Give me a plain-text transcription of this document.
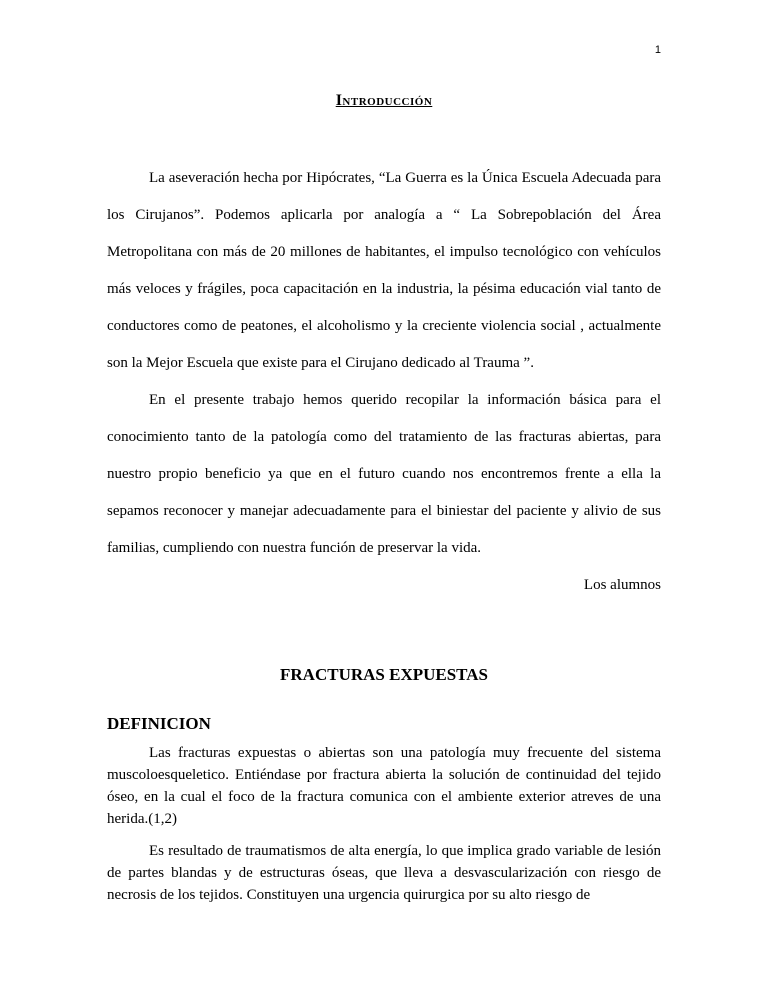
1
Introducción

La aseveración hecha por Hipócrates, “La Guerra es la Única Escuela Adecuada para los Cirujanos”. Podemos aplicarla por analogía a “ La Sobrepoblación del Área Metropolitana con más de 20 millones de habitantes, el impulso tecnológico con vehículos más veloces y frágiles, poca capacitación en la industria, la pésima educación vial tanto de conductores como de peatones, el alcoholismo y la creciente violencia social , actualmente son la Mejor Escuela que existe para el Cirujano dedicado al Trauma ”.

En el presente trabajo hemos querido recopilar la información básica para el conocimiento tanto de la patología como del tratamiento de las fracturas abiertas, para nuestro propio beneficio ya que en el futuro cuando nos encontremos frente a ella la sepamos reconocer y manejar adecuadamente para el biniestar del paciente y alivio de sus familias, cumpliendo con nuestra función de preservar la vida.

Los alumnos

FRACTURAS EXPUESTAS
DEFINICION

Las fracturas expuestas o abiertas son una patología muy frecuente del sistema muscoloesqueletico. Entiéndase por fractura abierta la solución de continuidad del tejido óseo, en la cual el foco de la fractura comunica con el ambiente exterior atreves de una herida.(1,2)

Es resultado de traumatismos de alta energía, lo que implica grado variable de lesión de partes blandas y de estructuras óseas, que lleva a desvascularización con riesgo de necrosis de los tejidos. Constituyen una urgencia quirurgica por su alto riesgo de
